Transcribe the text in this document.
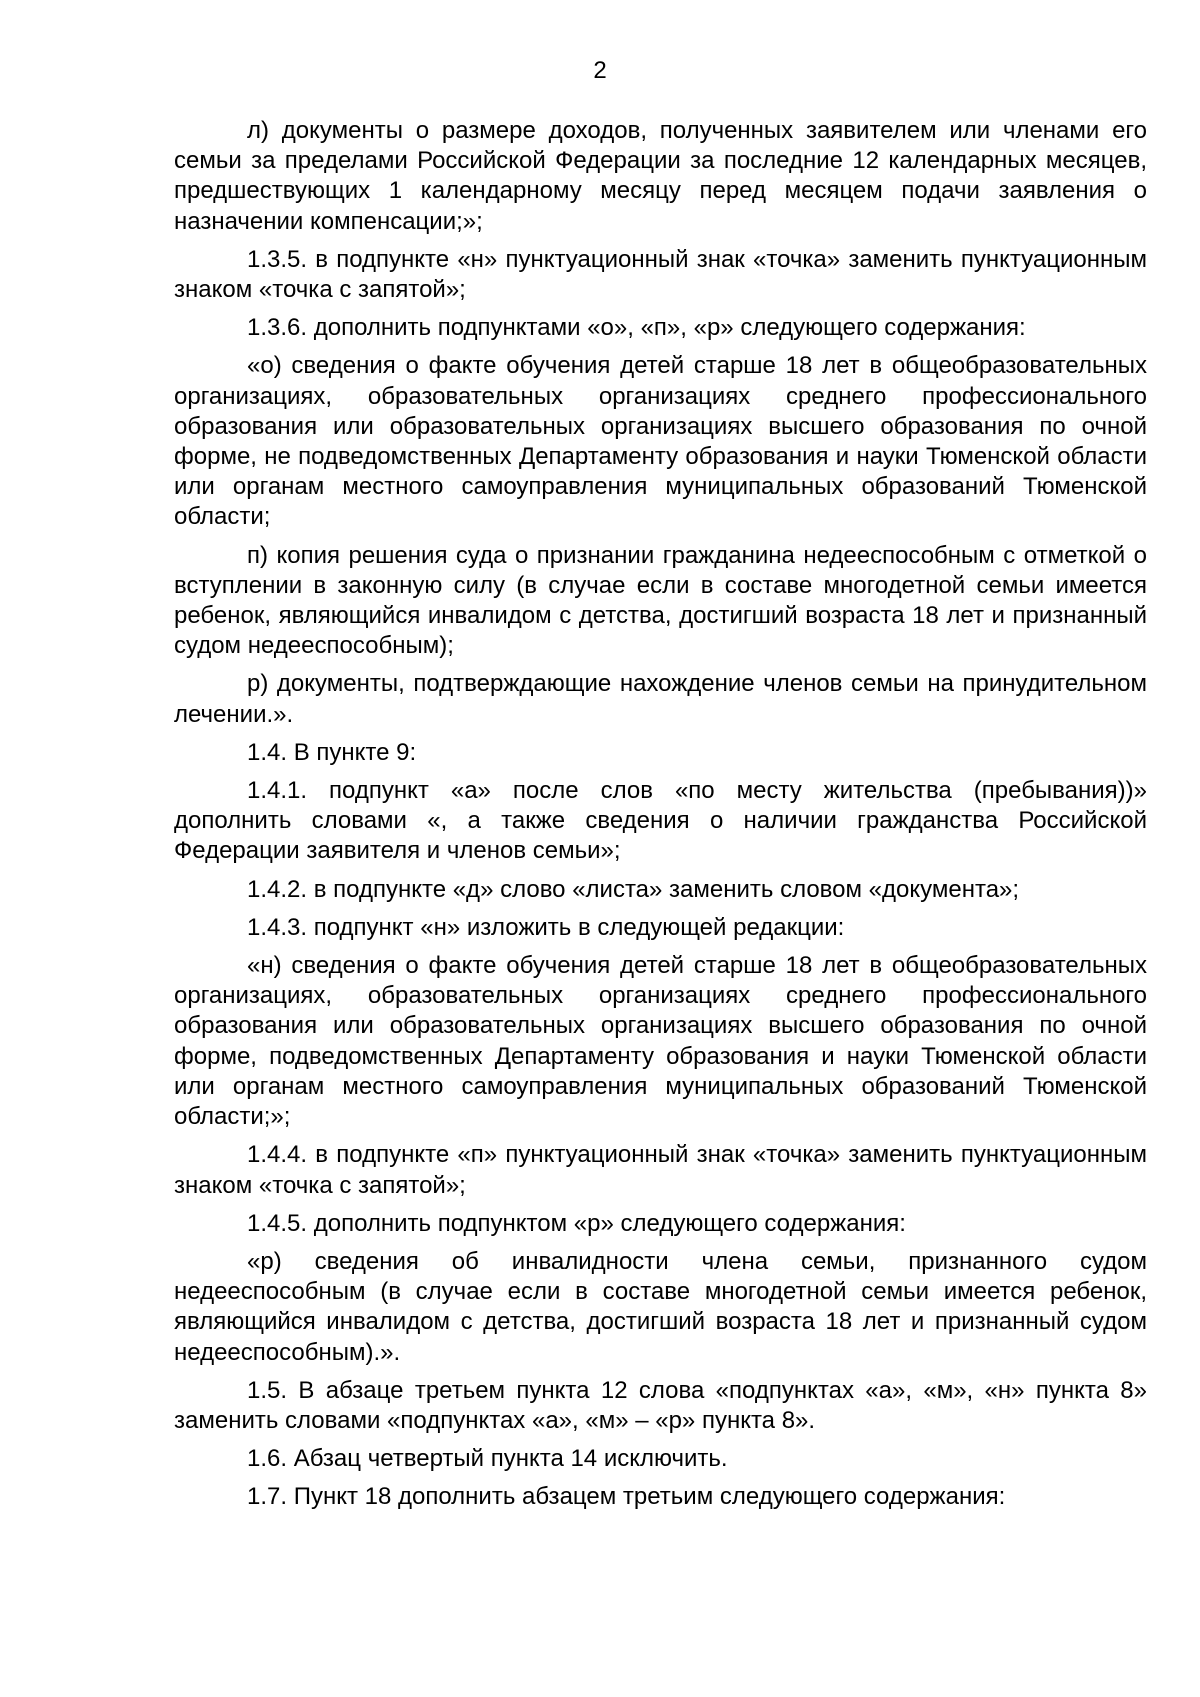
2

л) документы о размере доходов, полученных заявителем или членами его семьи за пределами Российской Федерации за последние 12 календарных месяцев, предшествующих 1 календарному месяцу перед месяцем подачи заявления о назначении компенсации;»;

1.3.5. в подпункте «н» пунктуационный знак «точка» заменить пунктуационным знаком «точка с запятой»;

1.3.6. дополнить подпунктами «о», «п», «р» следующего содержания:

«о) сведения о факте обучения детей старше 18 лет в общеобразовательных организациях, образовательных организациях среднего профессионального образования или образовательных организациях высшего образования по очной форме, не подведомственных Департаменту образования и науки Тюменской области или органам местного самоуправления муниципальных образований Тюменской области;

п) копия решения суда о признании гражданина недееспособным с отметкой о вступлении в законную силу (в случае если в составе многодетной семьи имеется ребенок, являющийся инвалидом с детства, достигший возраста 18 лет и признанный судом недееспособным);

р) документы, подтверждающие нахождение членов семьи на принудительном лечении.».

1.4. В пункте 9:

1.4.1. подпункт «а» после слов «по месту жительства (пребывания))» дополнить словами «, а также сведения о наличии гражданства Российской Федерации заявителя и членов семьи»;

1.4.2. в подпункте «д» слово «листа» заменить словом «документа»;

1.4.3. подпункт «н» изложить в следующей редакции:

«н) сведения о факте обучения детей старше 18 лет в общеобразовательных организациях, образовательных организациях среднего профессионального образования или образовательных организациях высшего образования по очной форме, подведомственных Департаменту образования и науки Тюменской области или органам местного самоуправления муниципальных образований Тюменской области;»;

1.4.4. в подпункте «п» пунктуационный знак «точка» заменить пунктуационным знаком «точка с запятой»;

1.4.5. дополнить подпунктом «р» следующего содержания:

«р) сведения об инвалидности члена семьи, признанного судом недееспособным (в случае если в составе многодетной семьи имеется ребенок, являющийся инвалидом с детства, достигший возраста 18 лет и признанный судом недееспособным).».

1.5. В абзаце третьем пункта 12 слова «подпунктах «а», «м», «н» пункта 8» заменить словами «подпунктах «а», «м» – «р» пункта 8».

1.6. Абзац четвертый пункта 14 исключить.

1.7. Пункт 18 дополнить абзацем третьим следующего содержания:
